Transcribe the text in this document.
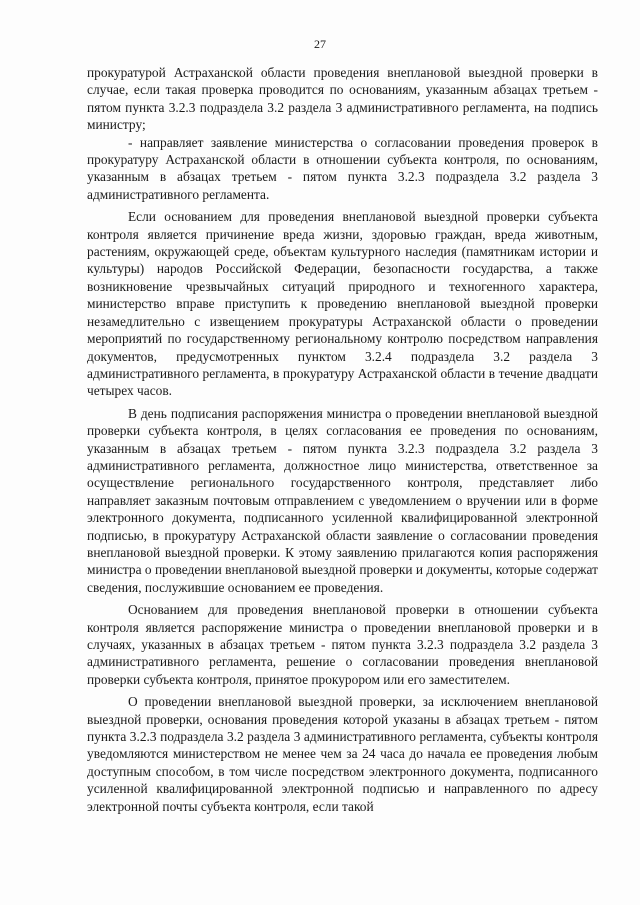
27

прокуратурой Астраханской области проведения внеплановой выездной проверки в случае, если такая проверка проводится по основаниям, указанным абзацах третьем - пятом пункта 3.2.3 подраздела 3.2 раздела 3 административного регламента, на подпись министру;

- направляет заявление министерства о согласовании проведения проверок в прокуратуру Астраханской области в отношении субъекта контроля, по основаниям, указанным в абзацах третьем - пятом пункта 3.2.3 подраздела 3.2 раздела 3 административного регламента.

Если основанием для проведения внеплановой выездной проверки субъекта контроля является причинение вреда жизни, здоровью граждан, вреда животным, растениям, окружающей среде, объектам культурного наследия (памятникам истории и культуры) народов Российской Федерации, безопасности государства, а также возникновение чрезвычайных ситуаций природного и техногенного характера, министерство вправе приступить к проведению внеплановой выездной проверки незамедлительно с извещением прокуратуры Астраханской области о проведении мероприятий по государственному региональному контролю посредством направления документов, предусмотренных пунктом 3.2.4 подраздела 3.2 раздела 3 административного регламента, в прокуратуру Астраханской области в течение двадцати четырех часов.

В день подписания распоряжения министра о проведении внеплановой выездной проверки субъекта контроля, в целях согласования ее проведения по основаниям, указанным в абзацах третьем - пятом пункта 3.2.3 подраздела 3.2 раздела 3 административного регламента, должностное лицо министерства, ответственное за осуществление регионального государственного контроля, представляет либо направляет заказным почтовым отправлением с уведомлением о вручении или в форме электронного документа, подписанного усиленной квалифицированной электронной подписью, в прокуратуру Астраханской области заявление о согласовании проведения внеплановой выездной проверки. К этому заявлению прилагаются копия распоряжения министра о проведении внеплановой выездной проверки и документы, которые содержат сведения, послужившие основанием ее проведения.

Основанием для проведения внеплановой проверки в отношении субъекта контроля является распоряжение министра о проведении внеплановой проверки и в случаях, указанных в абзацах третьем - пятом пункта 3.2.3 подраздела 3.2 раздела 3 административного регламента, решение о согласовании проведения внеплановой проверки субъекта контроля, принятое прокурором или его заместителем.

О проведении внеплановой выездной проверки, за исключением внеплановой выездной проверки, основания проведения которой указаны в абзацах третьем - пятом пункта 3.2.3 подраздела 3.2 раздела 3 административного регламента, субъекты контроля уведомляются министерством не менее чем за 24 часа до начала ее проведения любым доступным способом, в том числе посредством электронного документа, подписанного усиленной квалифицированной электронной подписью и направленного по адресу электронной почты субъекта контроля, если такой
